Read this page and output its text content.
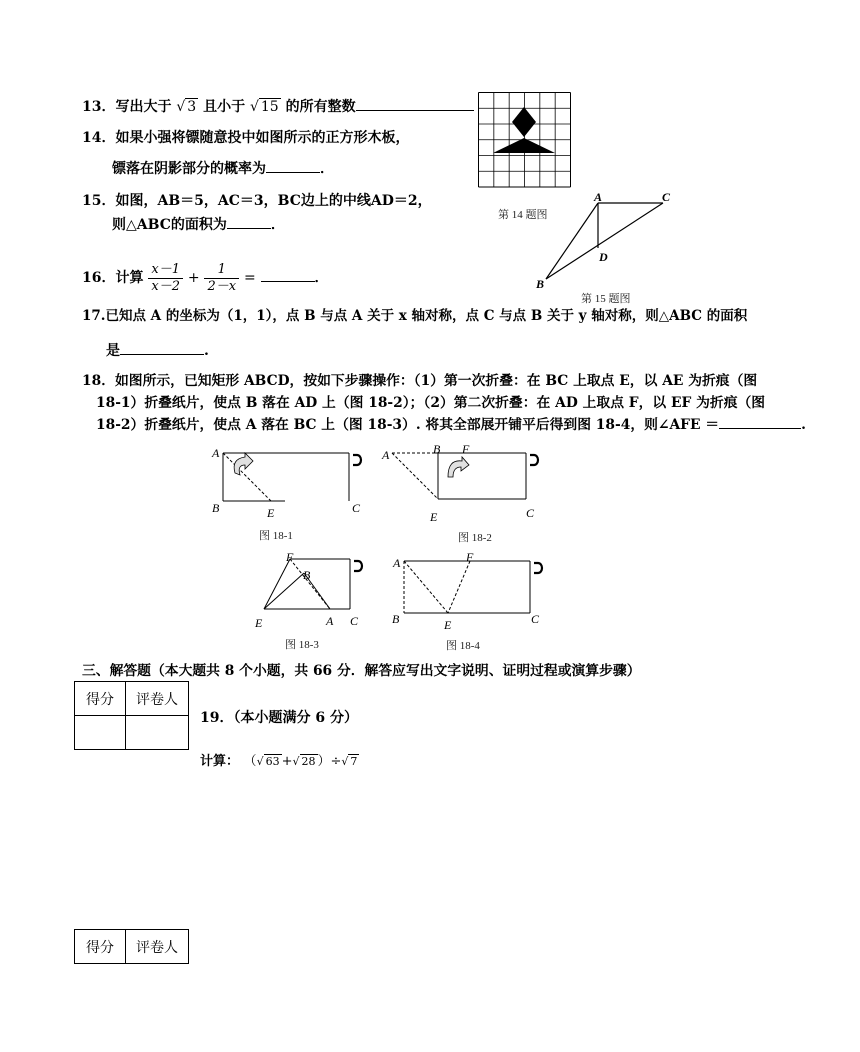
13．写出大于 √ 3 且小于 √ 15 的所有整数
14．如果小强将镖随意投中如图所示的正方形木板，
镖落在阴影部分的概率为	．
第 14 题图
15．如图，AB＝5，AC＝3，BC边上的中线AD＝2，
则△ABC的面积为	．
A	C
B
D
第 15 题图
16．计算 $\frac{x-1}{x-2} + \frac{1}{2-x}$ =	．
17.已知点 A 的坐标为（1，1），点 B 与点 A 关于 x 轴对称，点 C 与点 B 关于 y 轴对称，则△ABC 的面积
是	.
18．如图所示，已知矩形 ABCD，按如下步骤操作：（1）第一次折叠：在 BC 上取点 E，以 AE 为折痕（图
18-1）折叠纸片，使点 B 落在 AD 上（图 18-2）；（2）第二次折叠：在 AD 上取点 F，以 EF 为折痕（图
18-2）折叠纸片，使点 A 落在 BC 上（图 18-3）. 将其全部展开铺平后得到图 18-4，则∠AFE ＝	.
A
B	C
E
图 18-1
A	B F
E	C
图 18-2
F
B
E	A C
图 18-3
A	F
B	E	C
图 18-4
三、解答题（本大题共 8 个小题，共 66 分．解答应写出文字说明、证明过程或演算步骤）
得分	评卷人

19．（本小题满分 6 分）
计算： （√ 63 +√ 28 ）÷√ 7
得分	评卷人
